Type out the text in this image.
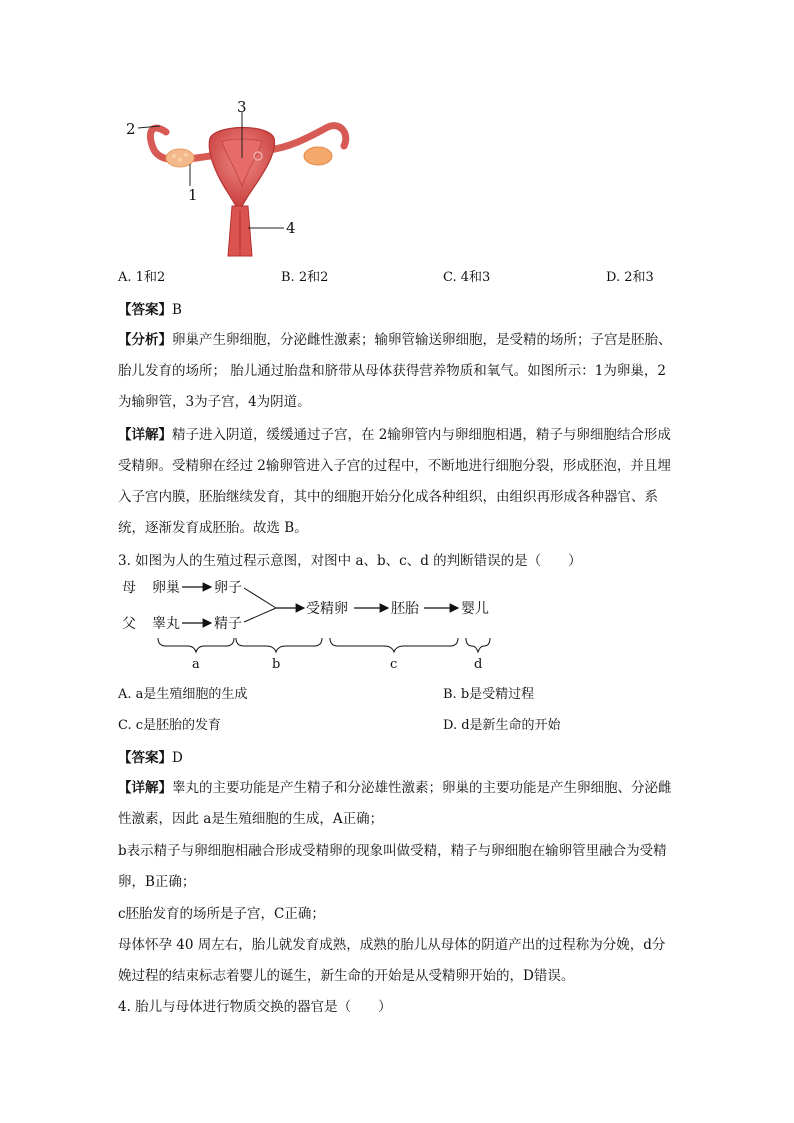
1
2
3
4
A. 1和2	B. 2和2	C. 4和3	D. 2和3
【答案】B
【分析】卵巢产生卵细胞，分泌雌性激素；输卵管输送卵细胞，是受精的场所；子宫是胚胎、胎儿发育的场所； 胎儿通过胎盘和脐带从母体获得营养物质和氧气。如图所示：1为卵巢，2为输卵管，3为子宫，4为阴道。
【详解】精子进入阴道，缓缓通过子宫，在 2输卵管内与卵细胞相遇，精子与卵细胞结合形成受精卵。受精卵在经过 2输卵管进入子宫的过程中，不断地进行细胞分裂，形成胚泡，并且埋入子宫内膜，胚胎继续发育，其中的细胞开始分化成各种组织，由组织再形成各种器官、系统，逐渐发育成胚胎。故选 B。
3. 如图为人的生殖过程示意图，对图中 a、b、c、d 的判断错误的是（　　）
母 卵巢 卵子
父 睾丸 精子
受精卵	胚胎	婴儿
a	b	c	d
A. a是生殖细胞的生成	B. b是受精过程
C. c是胚胎的发育	D. d是新生命的开始
【答案】D
【详解】睾丸的主要功能是产生精子和分泌雄性激素；卵巢的主要功能是产生卵细胞、分泌雌性激素，因此 a是生殖细胞的生成，A正确；
b表示精子与卵细胞相融合形成受精卵的现象叫做受精，精子与卵细胞在输卵管里融合为受精卵，B正确；
c胚胎发育的场所是子宫，C正确；
母体怀孕 40 周左右，胎儿就发育成熟，成熟的胎儿从母体的阴道产出的过程称为分娩，d分娩过程的结束标志着婴儿的诞生，新生命的开始是从受精卵开始的，D错误。
4. 胎儿与母体进行物质交换的器官是（　　）
